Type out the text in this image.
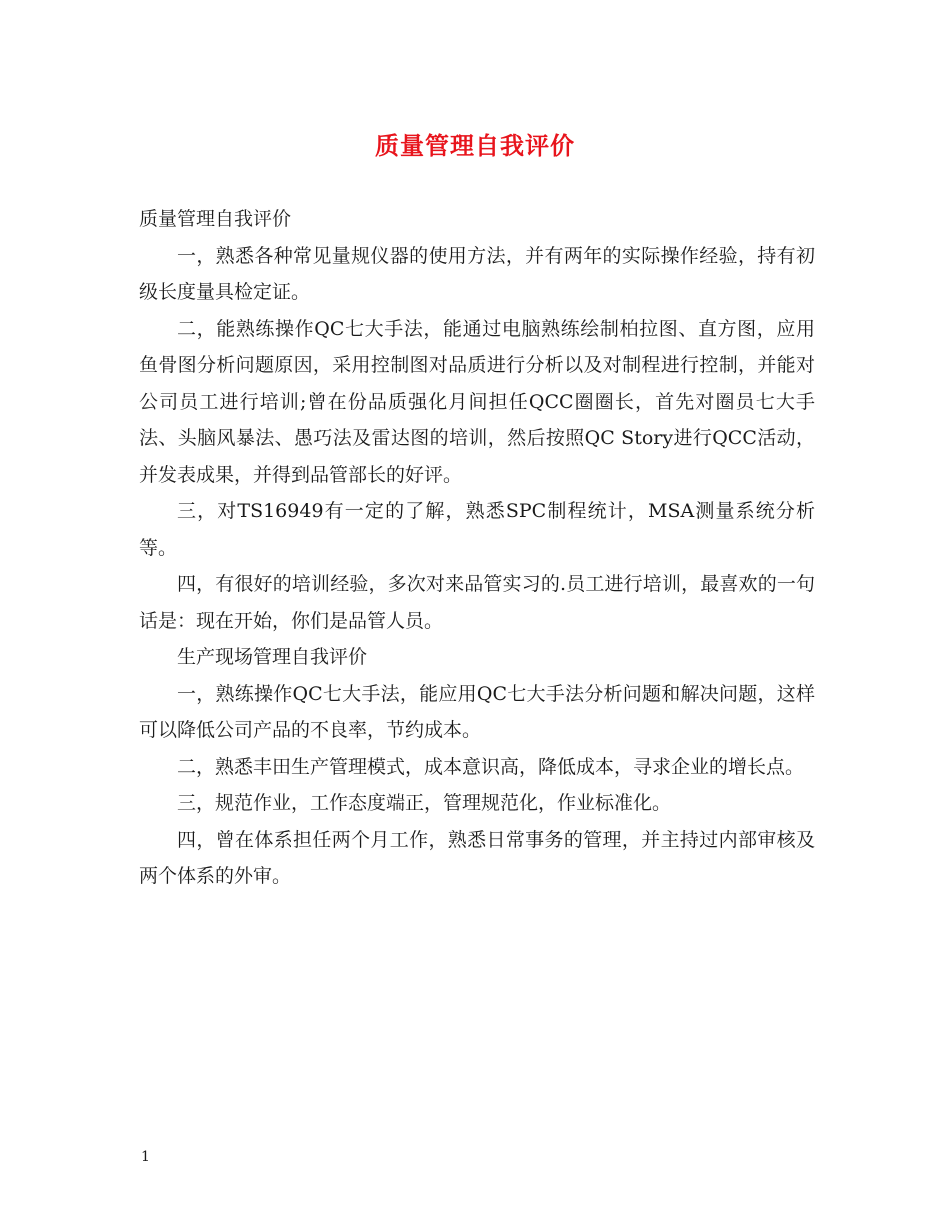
质量管理自我评价

质量管理自我评价

一，熟悉各种常见量规仪器的使用方法，并有两年的实际操作经验，持有初级长度量具检定证。

二，能熟练操作QC七大手法，能通过电脑熟练绘制柏拉图、直方图，应用鱼骨图分析问题原因，采用控制图对品质进行分析以及对制程进行控制，并能对公司员工进行培训;曾在份品质强化月间担任QCC圈圈长，首先对圈员七大手法、头脑风暴法、愚巧法及雷达图的培训，然后按照QC Story进行QCC活动，并发表成果，并得到品管部长的好评。

三，对TS16949有一定的了解，熟悉SPC制程统计，MSA测量系统分析等。

四，有很好的培训经验，多次对来品管实习的.员工进行培训，最喜欢的一句话是：现在开始，你们是品管人员。

生产现场管理自我评价

一，熟练操作QC七大手法，能应用QC七大手法分析问题和解决问题，这样可以降低公司产品的不良率，节约成本。

二，熟悉丰田生产管理模式，成本意识高，降低成本，寻求企业的增长点。

三，规范作业，工作态度端正，管理规范化，作业标准化。

四，曾在体系担任两个月工作，熟悉日常事务的管理，并主持过内部审核及两个体系的外审。

1
